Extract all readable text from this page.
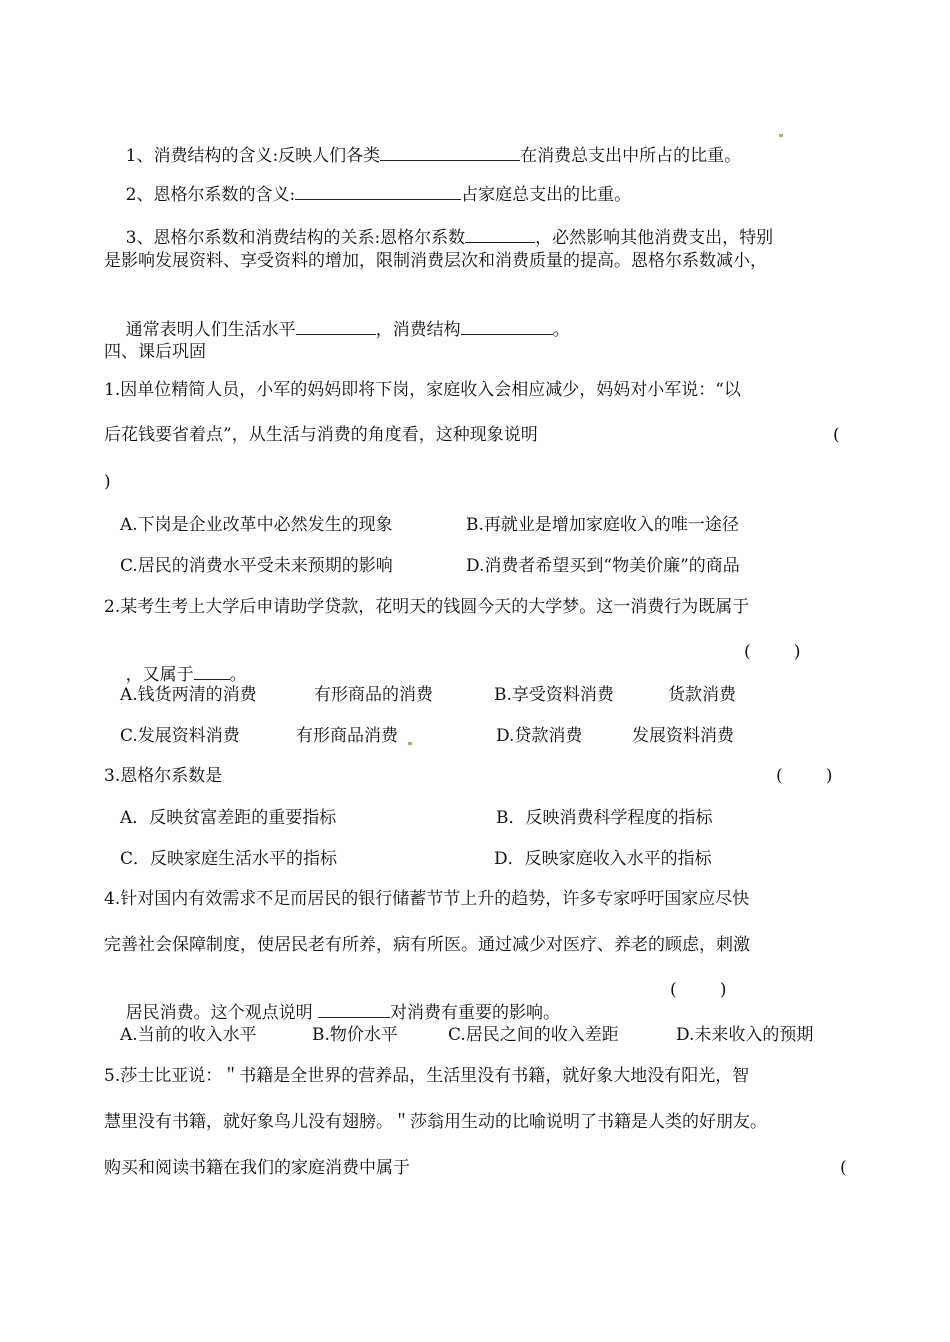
1、消费结构的含义:反映人们各类	在消费总支出中所占的比重。

2、恩格尔系数的含义:	占家庭总支出的比重。

3、恩格尔系数和消费结构的关系:恩格尔系数	，必然影响其他消费支出，特别

是影响发展资料、享受资料的增加，限制消费层次和消费质量的提高。恩格尔系数减小，

通常表明人们生活水平	，消费结构	。

四、课后巩固
1.因单位精简人员，小军的妈妈即将下岗，家庭收入会相应减少，妈妈对小军说：“以
后花钱要省着点”，从生活与消费的角度看，这种现象说明	(
)
A.下岗是企业改革中必然发生的现象	B.再就业是增加家庭收入的唯一途径
C.居民的消费水平受未来预期的影响	D.消费者希望买到“物美价廉”的商品
2.某考生考上大学后申请助学贷款，花明天的钱圆今天的大学梦。这一消费行为既属于

，又属于 。

(        )
A.钱货两清的消费	有形商品的消费	B.享受资料消费	货款消费
C.发展资料消费	有形商品消费	D.贷款消费	发展资料消费
3.恩格尔系数是	(        )
A．反映贫富差距的重要指标	B．反映消费科学程度的指标
C．反映家庭生活水平的指标	D．反映家庭收入水平的指标
4.针对国内有效需求不足而居民的银行储蓄节节上升的趋势，许多专家呼吁国家应尽快
完善社会保障制度，使居民老有所养，病有所医。通过减少对医疗、养老的顾虑，刺激

居民消费。这个观点说明	对消费有重要的影响。

(        )
A.当前的收入水平	B.物价水平	C.居民之间的收入差距	D.未来收入的预期
5.莎士比亚说：＂书籍是全世界的营养品，生活里没有书籍，就好象大地没有阳光，智
慧里没有书籍，就好象鸟儿没有翅膀。＂莎翁用生动的比喻说明了书籍是人类的好朋友。
购买和阅读书籍在我们的家庭消费中属于	(
